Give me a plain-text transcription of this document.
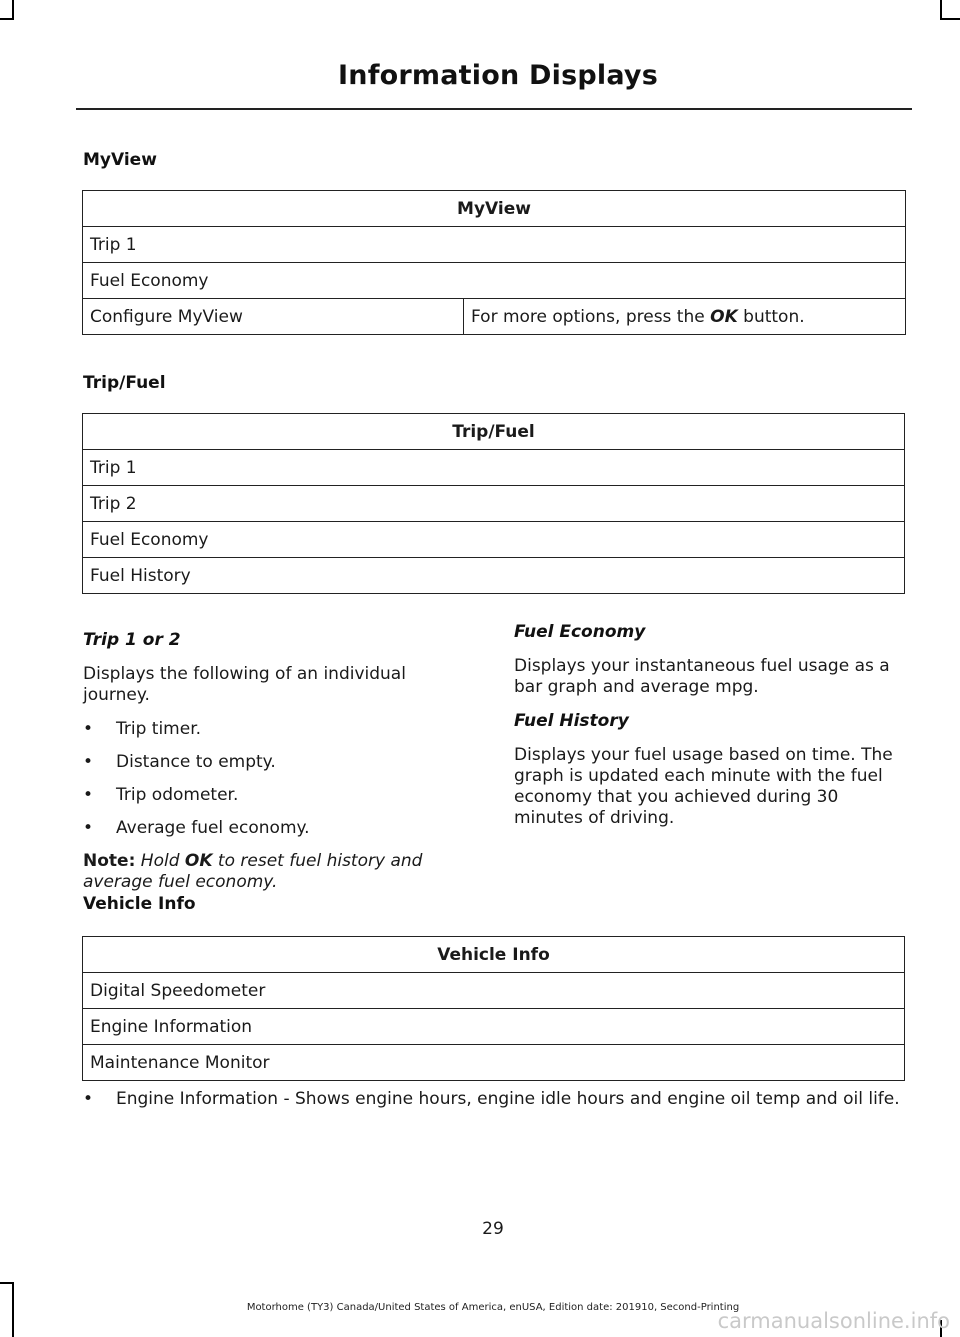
Information Displays
MyView
MyView
Trip 1
Fuel Economy
Configure MyView	For more options, press the OK button.
Trip/Fuel
Trip/Fuel
Trip 1
Trip 2
Fuel Economy
Fuel History
Trip 1 or 2

Displays the following of an individual journey.

• Trip timer.
• Distance to empty.
• Trip odometer.
• Average fuel economy.

Note: Hold OK to reset fuel history and average fuel economy.

Fuel Economy

Displays your instantaneous fuel usage as a bar graph and average mpg.

Fuel History

Displays your fuel usage based on time. The graph is updated each minute with the fuel economy that you achieved during 30 minutes of driving.

Vehicle Info
Vehicle Info
Digital Speedometer
Engine Information
Maintenance Monitor
• Engine Information - Shows engine hours, engine idle hours and engine oil temp and oil life.
29
Motorhome (TY3) Canada/United States of America, enUSA, Edition date: 201910, Second-Printing
carmanualsonline.info
